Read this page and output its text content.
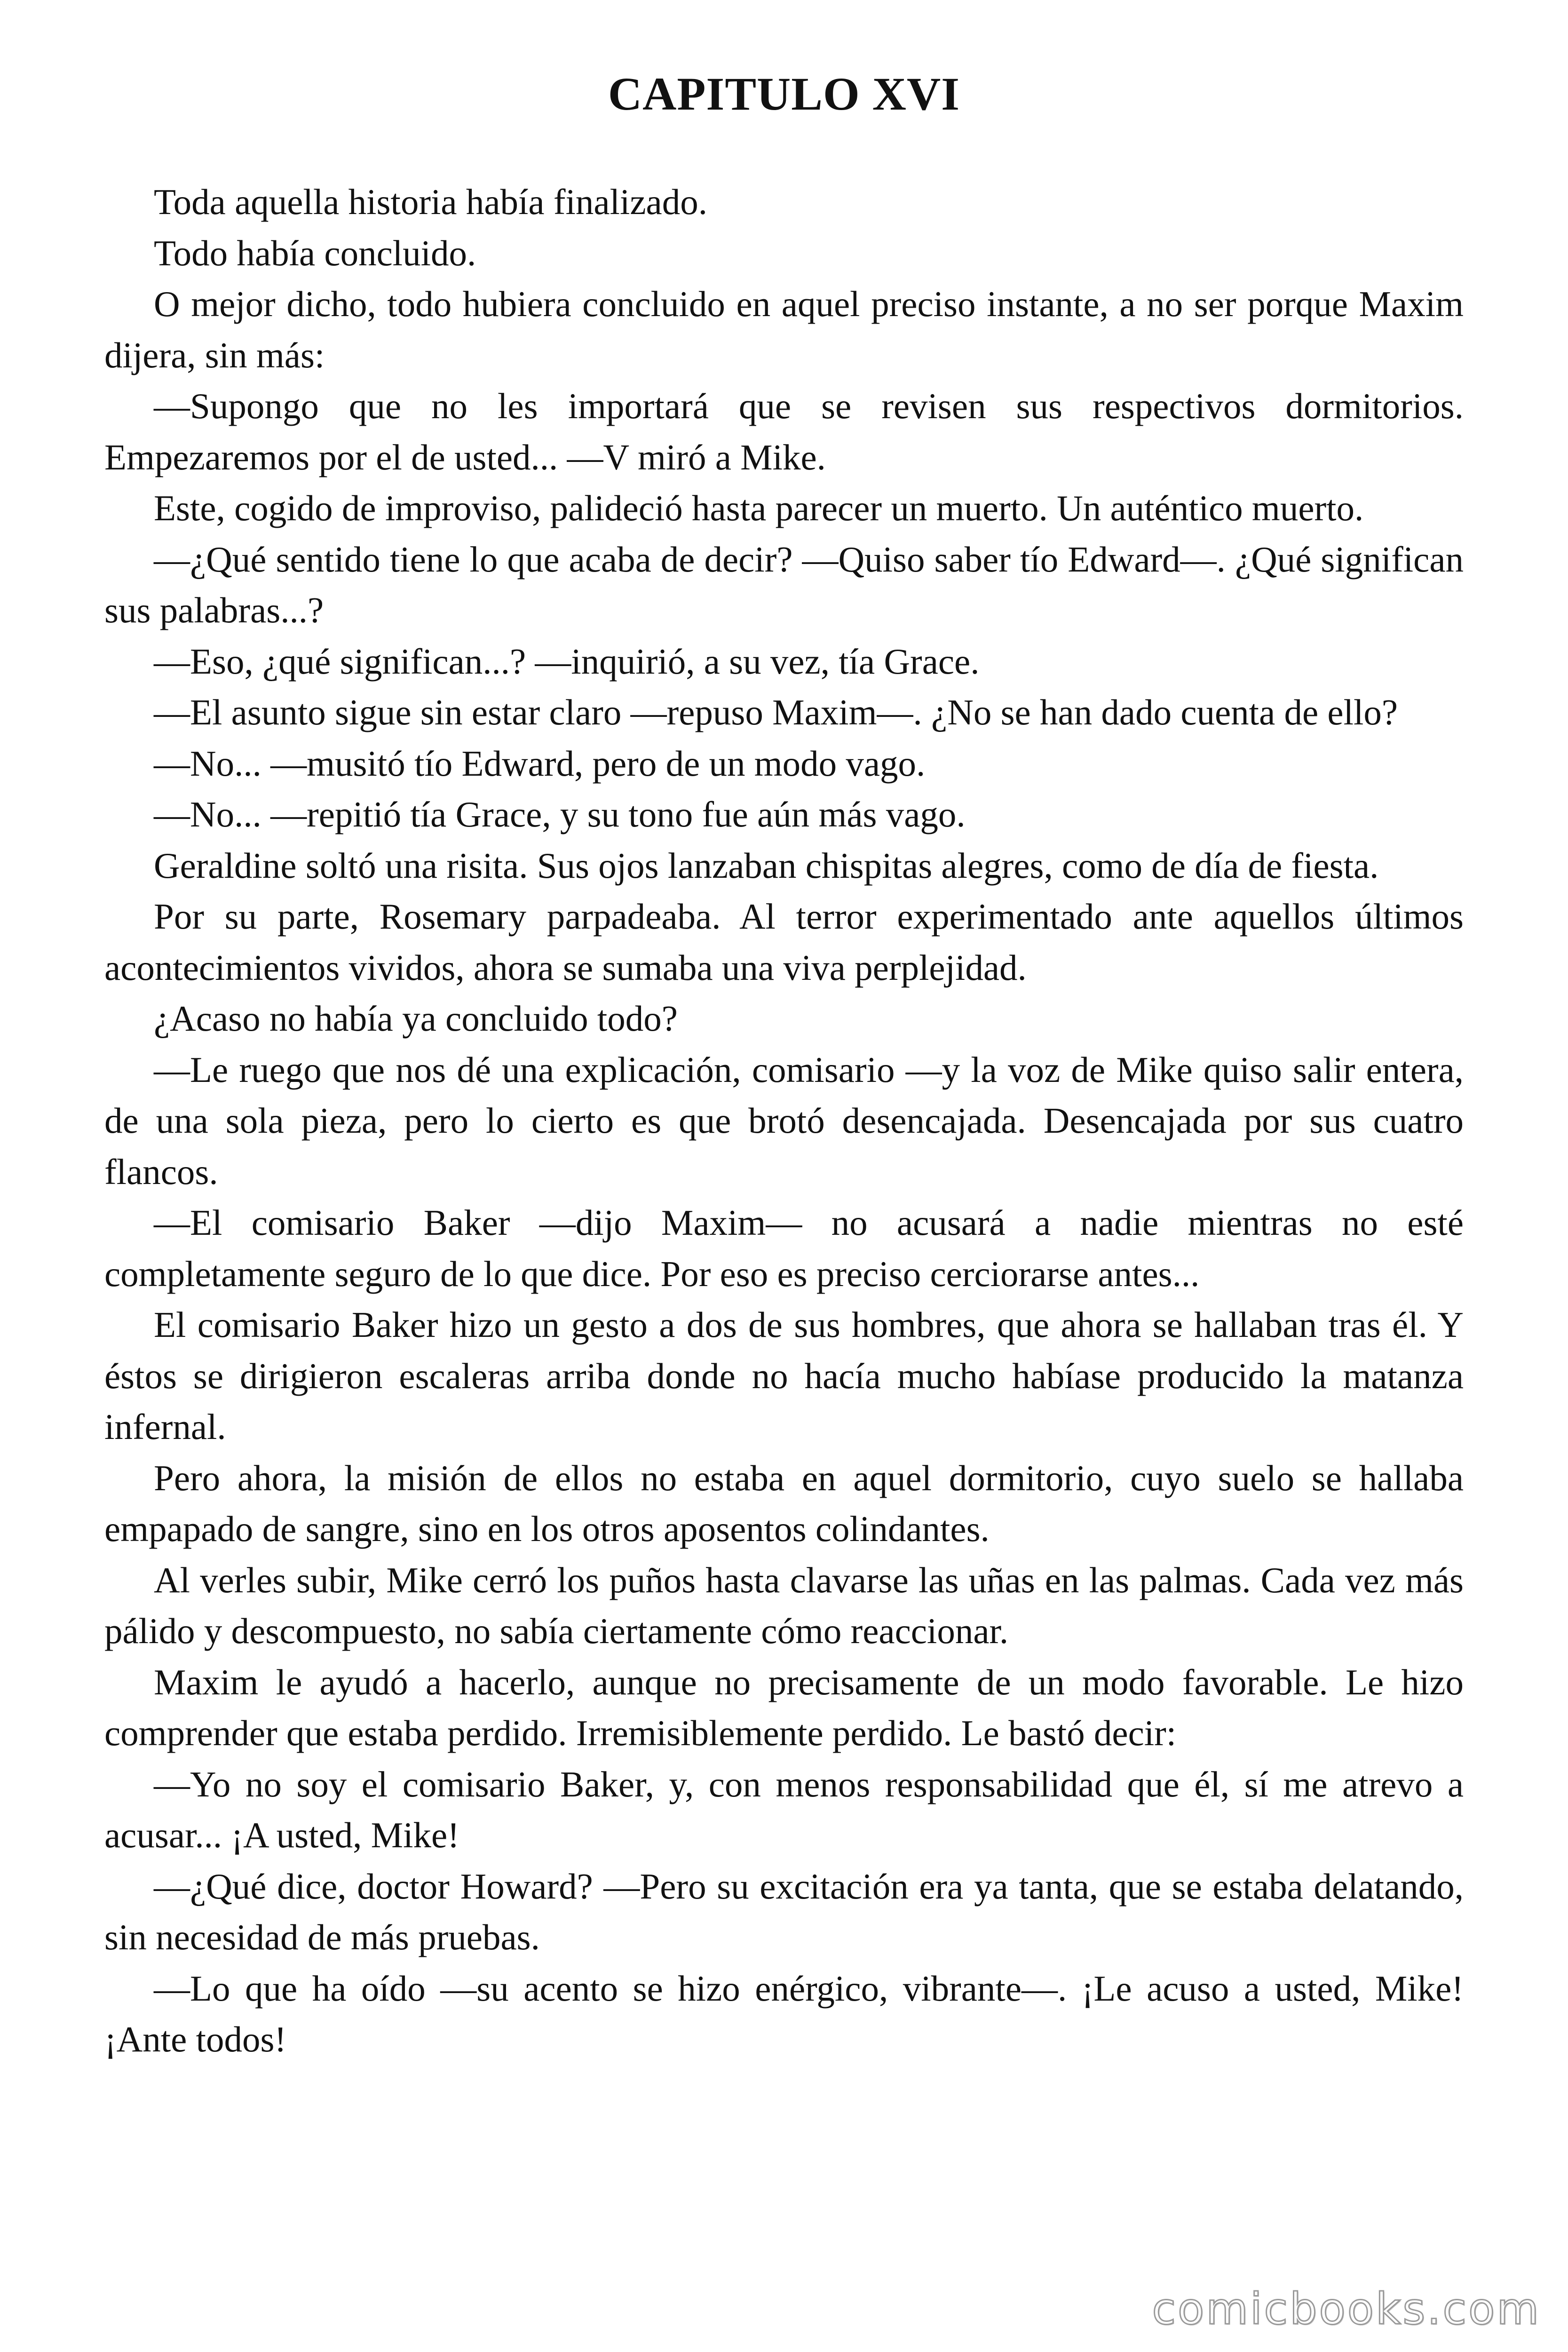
CAPITULO XVI

Toda aquella historia había finalizado.

Todo había concluido.

O mejor dicho, todo hubiera concluido en aquel preciso instante, a no ser porque Maxim dijera, sin más:

—Supongo que no les importará que se revisen sus respectivos dormitorios. Empezaremos por el de usted... —V miró a Mike.

Este, cogido de improviso, palideció hasta parecer un muerto. Un auténtico muerto.

—¿Qué sentido tiene lo que acaba de decir? —Quiso saber tío Edward—. ¿Qué significan sus palabras...?

—Eso, ¿qué significan...? —inquirió, a su vez, tía Grace.

—El asunto sigue sin estar claro —repuso Maxim—. ¿No se han dado cuenta de ello?

—No... —musitó tío Edward, pero de un modo vago.

—No... —repitió tía Grace, y su tono fue aún más vago.

Geraldine soltó una risita. Sus ojos lanzaban chispitas alegres, como de día de fiesta.

Por su parte, Rosemary parpadeaba. Al terror experimentado ante aquellos últimos acontecimientos vividos, ahora se sumaba una viva perplejidad.

¿Acaso no había ya concluido todo?

—Le ruego que nos dé una explicación, comisario —y la voz de Mike quiso salir entera, de una sola pieza, pero lo cierto es que brotó desencajada. Desencajada por sus cuatro flancos.

—El comisario Baker —dijo Maxim— no acusará a nadie mientras no esté completamente seguro de lo que dice. Por eso es preciso cerciorarse antes...

El comisario Baker hizo un gesto a dos de sus hombres, que ahora se hallaban tras él. Y éstos se dirigieron escaleras arriba donde no hacía mucho habíase producido la matanza infernal.

Pero ahora, la misión de ellos no estaba en aquel dormitorio, cuyo suelo se hallaba empapado de sangre, sino en los otros aposentos colindantes.

Al verles subir, Mike cerró los puños hasta clavarse las uñas en las palmas. Cada vez más pálido y descompuesto, no sabía ciertamente cómo reaccionar.

Maxim le ayudó a hacerlo, aunque no precisamente de un modo favorable. Le hizo comprender que estaba perdido. Irremisiblemente perdido. Le bastó decir:

—Yo no soy el comisario Baker, y, con menos responsabilidad que él, sí me atrevo a acusar... ¡A usted, Mike!

—¿Qué dice, doctor Howard? —Pero su excitación era ya tanta, que se estaba delatando, sin necesidad de más pruebas.

—Lo que ha oído —su acento se hizo enérgico, vibrante—. ¡Le acuso a usted, Mike! ¡Ante todos!

comicbooks.com
